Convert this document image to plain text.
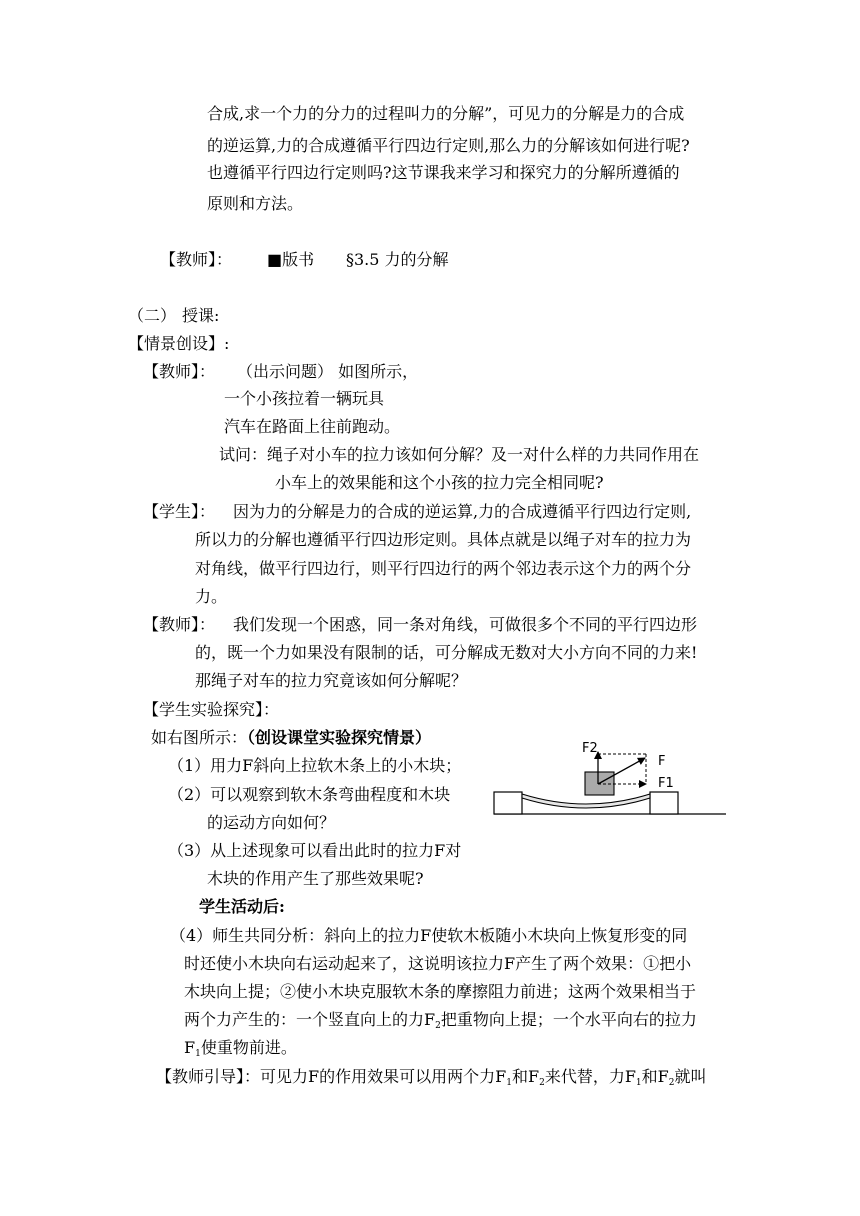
合成,求一个力的分力的过程叫力的分解”，可见力的分解是力的合成
的逆运算,力的合成遵循平行四边行定则,那么力的分解该如何进行呢?
也遵循平行四边行定则吗?这节课我来学习和探究力的分解所遵循的
原则和方法。
【教师】： ■版书 §3.5 力的分解
（二） 授课:
【情景创设】:
【教师】： （出示问题） 如图所示，
一个小孩拉着一辆玩具
汽车在路面上往前跑动。
试问：绳子对小车的拉力该如何分解？及一对什么样的力共同作用在
小车上的效果能和这个小孩的拉力完全相同呢?
【学生】： 因为力的分解是力的合成的逆运算,力的合成遵循平行四边行定则,
所以力的分解也遵循平行四边形定则。具体点就是以绳子对车的拉力为
对角线，做平行四边行，则平行四边行的两个邻边表示这个力的两个分
力。
【教师】： 我们发现一个困惑，同一条对角线，可做很多个不同的平行四边形
的，既一个力如果没有限制的话，可分解成无数对大小方向不同的力来!
那绳子对车的拉力究竟该如何分解呢？
【学生实验探究】：
如右图所示：（创设课堂实验探究情景）
（1）用力F斜向上拉软木条上的小木块；
（2）可以观察到软木条弯曲程度和木块
的运动方向如何？
（3）从上述现象可以看出此时的拉力F对
木块的作用产生了那些效果呢?
学生活动后:
（4）师生共同分析：斜向上的拉力F使软木板随小木块向上恢复形变的同
时还使小木块向右运动起来了，这说明该拉力F产生了两个效果：①把小
木块向上提；②使小木块克服软木条的摩擦阻力前进；这两个效果相当于
两个力产生的：一个竖直向上的力$F_2$把重物向上提；一个水平向右的拉力
$F_1$使重物前进。
【教师引导】：可见力F的作用效果可以用两个力$F_1$和$F_2$来代替，力$F_1$和$F_2$就叫
F2
F
F1
